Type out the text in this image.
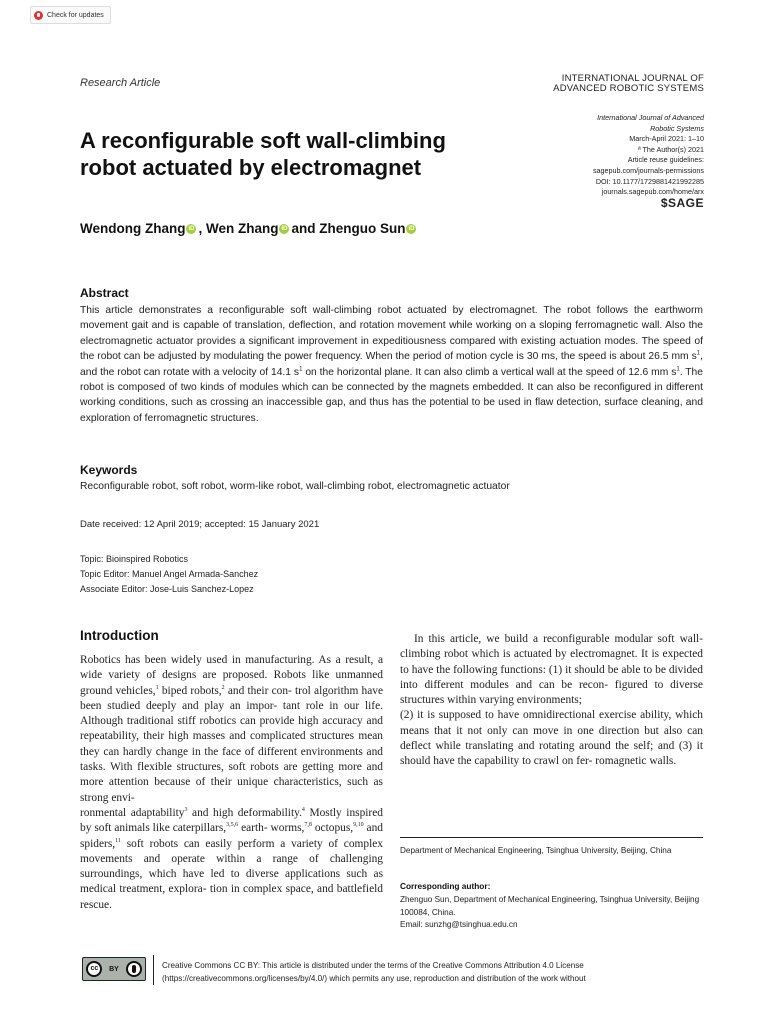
Check for updates
Research Article	INTERNATIONAL JOURNAL OF
ADVANCED ROBOTIC SYSTEMS
International Journal of Advanced
Robotic Systems
March-April 2021: 1–10
ª The Author(s) 2021
Article reuse guidelines:
sagepub.com/journals-permissions
DOI: 10.1177/1729881421992285
journals.sagepub.com/home/arx
$SAGE
A reconfigurable soft wall-climbing robot actuated by electromagnet
Wendong Zhang iD , Wen Zhang iD and Zhenguo Sun iD
Abstract
This article demonstrates a reconfigurable soft wall-climbing robot actuated by electromagnet. The robot follows the earthworm movement gait and is capable of translation, deflection, and rotation movement while working on a sloping ferromagnetic wall. Also the electromagnetic actuator provides a significant improvement in expeditiousness compared with existing actuation modes. The speed of the robot can be adjusted by modulating the power frequency. When the period of motion cycle is 30 ms, the speed is about 26.5 mm $s^1$, and the robot can rotate with a velocity of 14.1 $s^1$ on the horizontal plane. It can also climb a vertical wall at the speed of 12.6 mm $s^1$. The robot is composed of two kinds of modules which can be connected by the magnets embedded. It can also be reconfigured in different working conditions, such as crossing an inaccessible gap, and thus has the potential to be used in flaw detection, surface cleaning, and exploration of ferromagnetic structures.
Keywords
Reconfigurable robot, soft robot, worm-like robot, wall-climbing robot, electromagnetic actuator
Date received: 12 April 2019; accepted: 15 January 2021
Topic: Bioinspired Robotics
Topic Editor: Manuel Angel Armada-Sanchez
Associate Editor: Jose-Luis Sanchez-Lopez
Introduction

Robotics has been widely used in manufacturing. As a result, a wide variety of designs are proposed. Robots like unmanned ground vehicles,$^1$ biped robots,$^2$ and their con- trol algorithm have been studied deeply and play an impor- tant role in our life. Although traditional stiff robotics can provide high accuracy and repeatability, their high masses and complicated structures mean they can hardly change in the face of different environments and tasks. With flexible structures, soft robots are getting more and more attention because of their unique characteristics, such as strong envi-

ronmental adaptability$^3$ and high deformability.$^4$ Mostly inspired by soft animals like caterpillars,$^{3,5,6}$ earth- worms,$^{7,8}$ octopus,$^{9,10}$ and spiders,$^{11}$ soft robots can easily perform a variety of complex movements and operate within a range of challenging surroundings, which have led to diverse applications such as medical treatment, explora- tion in complex space, and battlefield rescue.

In this article, we build a reconfigurable modular soft wall-climbing robot which is actuated by electromagnet. It is expected to have the following functions: (1) it should be able to be divided into different modules and can be recon- figured to diverse structures within varying environments;

(2) it is supposed to have omnidirectional exercise ability, which means that it not only can move in one direction but also can deflect while translating and rotating around the self; and (3) it should have the capability to crawl on fer- romagnetic walls.

Department of Mechanical Engineering, Tsinghua University, Beijing, China
Corresponding author:
Zhenguo Sun, Department of Mechanical Engineering, Tsinghua University, Beijing 100084, China.
Email: sunzhg@tsinghua.edu.cn
cc	BY	Creative Commons CC BY: This article is distributed under the terms of the Creative Commons Attribution 4.0 License (https://creativecommons.org/licenses/by/4.0/) which permits any use, reproduction and distribution of the work without
